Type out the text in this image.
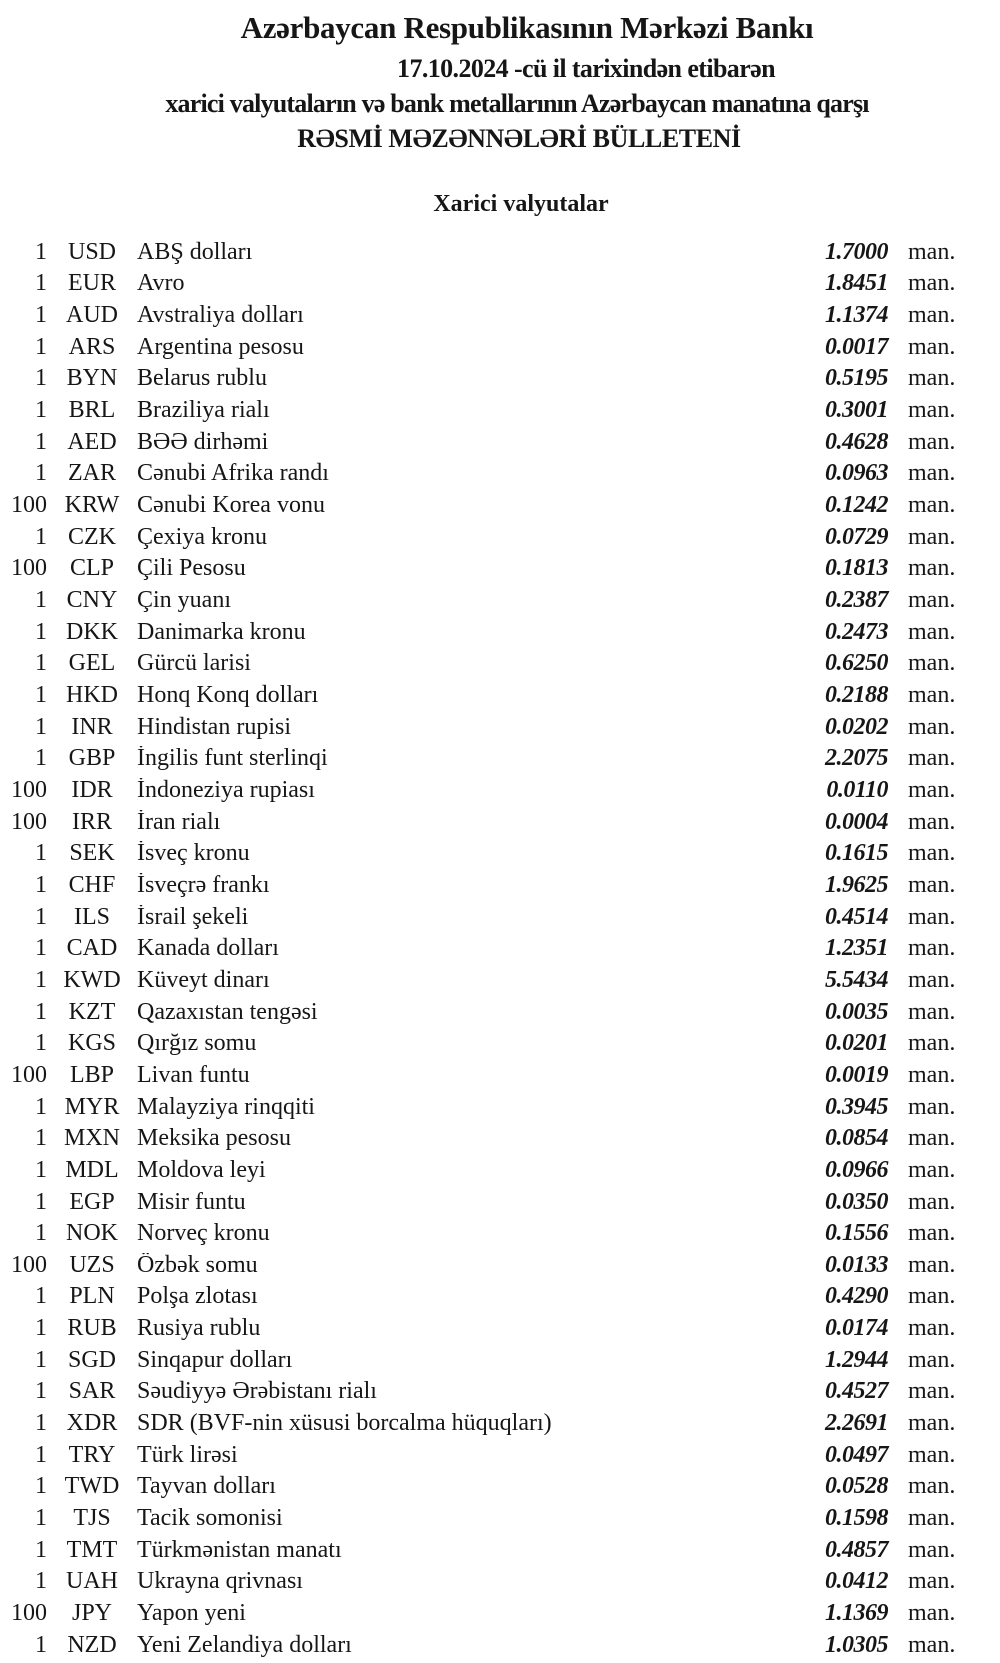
Azərbaycan Respublikasının Mərkəzi Bankı
17.10.2024 -cü il tarixindən etibarən
xarici valyutaların və bank metallarının Azərbaycan manatına qarşı
RƏSMİ MƏZƏNNƏLƏRİ BÜLLETENİ
Xarici valyutalar
1 USD ABŞ dolları	1.7000 man.
1 EUR Avro	1.8451 man.
1 AUD Avstraliya dolları	1.1374 man.
1 ARS Argentina pesosu	0.0017 man.
1 BYN Belarus rublu	0.5195 man.
1 BRL Braziliya rialı	0.3001 man.
1 AED BƏƏ dirhəmi	0.4628 man.
1 ZAR Cənubi Afrika randı	0.0963 man.
100 KRW Cənubi Korea vonu	0.1242 man.
1 CZK Çexiya kronu	0.0729 man.
100 CLP Çili Pesosu	0.1813 man.
1 CNY Çin yuanı	0.2387 man.
1 DKK Danimarka kronu	0.2473 man.
1 GEL Gürcü larisi	0.6250 man.
1 HKD Honq Konq dolları	0.2188 man.
1	INR	Hindistan rupisi	0.0202 man.
1 GBP İngilis funt sterlinqi	2.2075 man.
100	IDR	İndoneziya rupiası	0.0110 man.
100	IRR	İran rialı	0.0004 man.
1 SEK İsveç kronu	0.1615 man.
1 CHF İsveçrə frankı	1.9625 man.
1	ILS	İsrail şekeli	0.4514 man.
1 CAD Kanada dolları	1.2351 man.
1 KWD Küveyt dinarı	5.5434 man.
1 KZT Qazaxıstan tengəsi	0.0035 man.
1 KGS Qırğız somu	0.0201 man.
100 LBP Livan funtu	0.0019 man.
1 MYR Malayziya rinqqiti	0.3945 man.
1 MXN Meksika pesosu	0.0854 man.
1 MDL Moldova leyi	0.0966 man.
1 EGP Misir funtu	0.0350 man.
1 NOK Norveç kronu	0.1556 man.
100 UZS Özbək somu	0.0133 man.
1 PLN Polşa zlotası	0.4290 man.
1 RUB Rusiya rublu	0.0174 man.
1 SGD Sinqapur dolları	1.2944 man.
1 SAR Səudiyyə Ərəbistanı rialı	0.4527 man.
1 XDR SDR (BVF-nin xüsusi borcalma hüquqları)	2.2691 man.
1 TRY Türk lirəsi	0.0497 man.
1 TWD Tayvan dolları	0.0528 man.
1	TJS	Tacik somonisi	0.1598 man.
1 TMT Türkmənistan manatı	0.4857 man.
1 UAH Ukrayna qrivnası	0.0412 man.
100	JPY	Yapon yeni	1.1369 man.
1 NZD Yeni Zelandiya dolları	1.0305 man.
